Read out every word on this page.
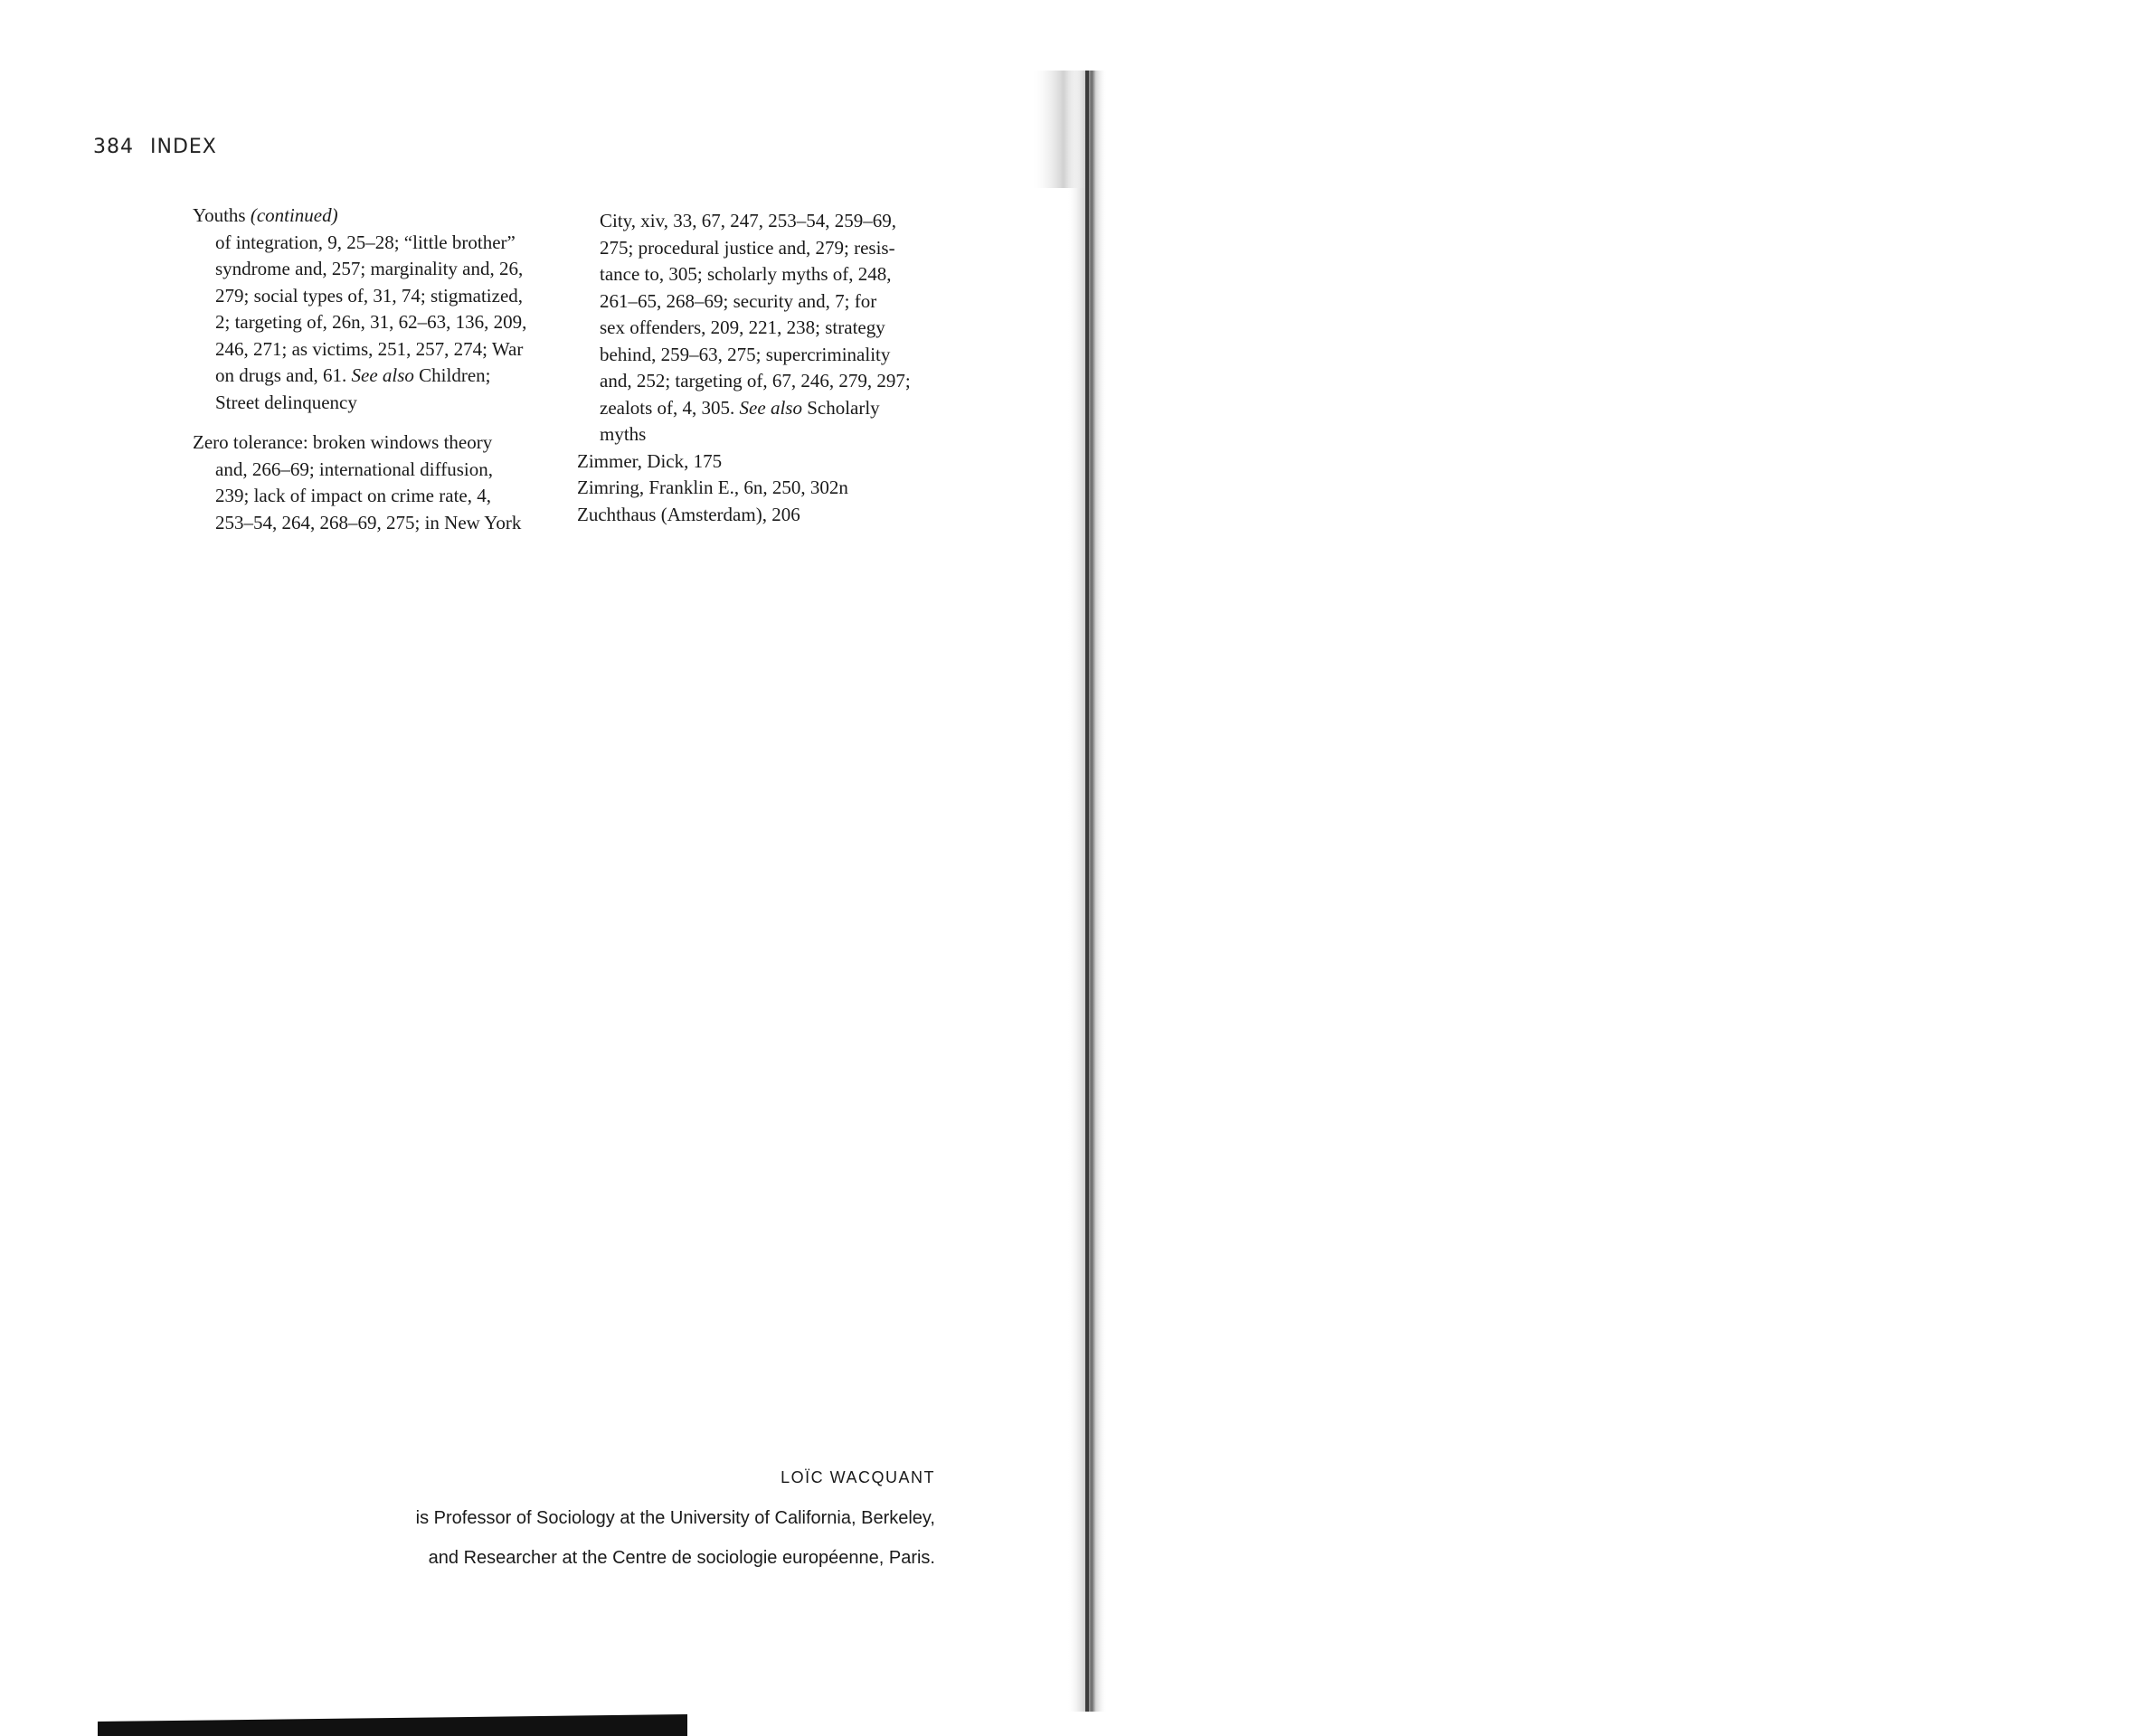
384 INDEX
Youths (continued)
of integration, 9, 25–28; “little brother”
syndrome and, 257; marginality and, 26,
279; social types of, 31, 74; stigmatized,
2; targeting of, 26n, 31, 62–63, 136, 209,
246, 271; as victims, 251, 257, 274; War
on drugs and, 61. See also Children;
Street delinquency
Zero tolerance: broken windows theory
and, 266–69; international diffusion,
239; lack of impact on crime rate, 4,
253–54, 264, 268–69, 275; in New York
City, xiv, 33, 67, 247, 253–54, 259–69,
275; procedural justice and, 279; resis-
tance to, 305; scholarly myths of, 248,
261–65, 268–69; security and, 7; for
sex offenders, 209, 221, 238; strategy
behind, 259–63, 275; supercriminality
and, 252; targeting of, 67, 246, 279, 297;
zealots of, 4, 305. See also Scholarly
myths
Zimmer, Dick, 175
Zimring, Franklin E., 6n, 250, 302n
Zuchthaus (Amsterdam), 206
LOÏC WACQUANT
is Professor of Sociology at the University of California, Berkeley,
and Researcher at the Centre de sociologie européenne, Paris.
